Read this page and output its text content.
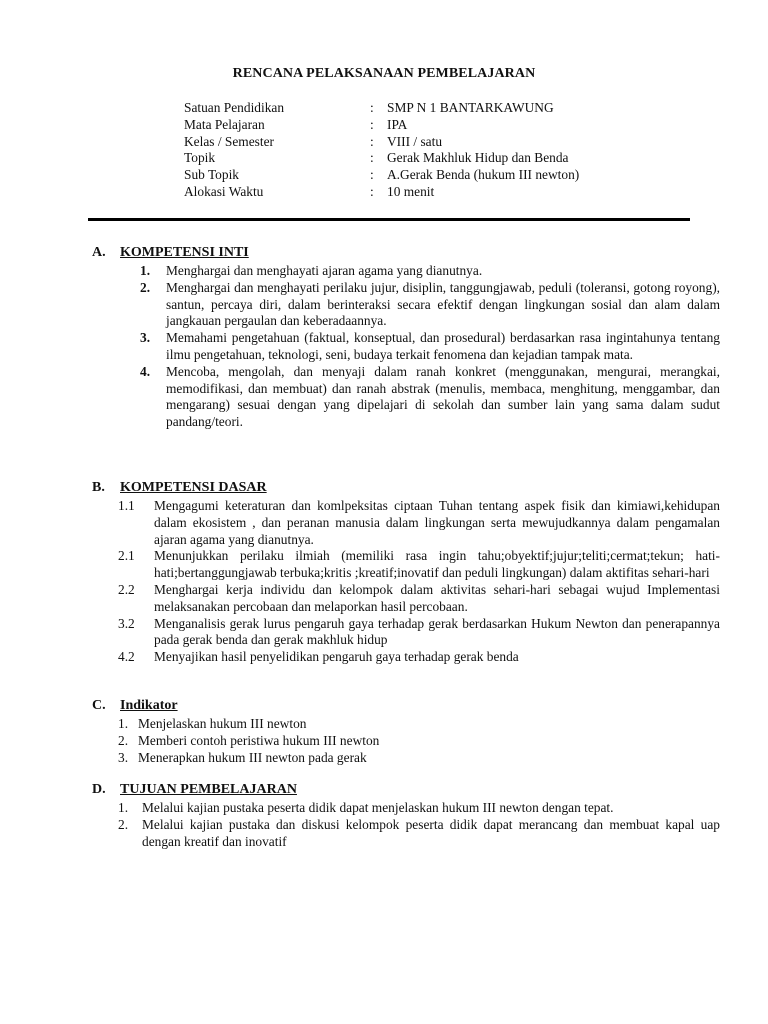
RENCANA PELAKSANAAN PEMBELAJARAN
Satuan Pendidikan	: SMP N 1 BANTARKAWUNG
Mata Pelajaran	: IPA
Kelas / Semester	: VIII / satu
Topik	: Gerak Makhluk Hidup dan Benda
Sub Topik	: A.Gerak Benda (hukum III newton)
Alokasi Waktu	: 10 menit
A. KOMPETENSI INTI
1. Menghargai dan menghayati ajaran agama yang dianutnya.
2. Menghargai dan menghayati perilaku jujur, disiplin, tanggungjawab, peduli (toleransi, gotong royong), santun, percaya diri, dalam berinteraksi secara efektif dengan lingkungan sosial dan alam dalam jangkauan pergaulan dan keberadaannya.
3. Memahami pengetahuan (faktual, konseptual, dan prosedural) berdasarkan rasa ingintahunya tentang ilmu pengetahuan, teknologi, seni, budaya terkait fenomena dan kejadian tampak mata.
4. Mencoba, mengolah, dan menyaji dalam ranah konkret (menggunakan, mengurai, merangkai, memodifikasi, dan membuat) dan ranah abstrak (menulis, membaca, menghitung, menggambar, dan mengarang) sesuai dengan yang dipelajari di sekolah dan sumber lain yang sama dalam sudut pandang/teori.
B. KOMPETENSI DASAR
1.1 Mengagumi keteraturan dan komlpeksitas ciptaan Tuhan tentang aspek fisik dan kimiawi,kehidupan dalam ekosistem , dan peranan manusia dalam lingkungan serta mewujudkannya dalam pengamalan ajaran agama yang dianutnya.
2.1 Menunjukkan perilaku ilmiah (memiliki rasa ingin tahu;obyektif;jujur;teliti;cermat;tekun; hati-hati;bertanggungjawab terbuka;kritis ;kreatif;inovatif dan peduli lingkungan) dalam aktifitas sehari-hari
2.2 Menghargai kerja individu dan kelompok dalam aktivitas sehari-hari sebagai wujud Implementasi melaksanakan percobaan dan melaporkan hasil percobaan.
3.2 Menganalisis gerak lurus pengaruh gaya terhadap gerak berdasarkan Hukum Newton dan penerapannya pada gerak benda dan gerak makhluk hidup
4.2 Menyajikan hasil penyelidikan pengaruh gaya terhadap gerak benda
C. Indikator
1. Menjelaskan hukum III newton
2. Memberi contoh peristiwa hukum III newton
3. Menerapkan hukum III newton pada gerak
D. TUJUAN PEMBELAJARAN
1. Melalui kajian pustaka peserta didik dapat menjelaskan hukum III newton dengan tepat.
2. Melalui kajian pustaka dan diskusi kelompok peserta didik dapat merancang dan membuat kapal uap dengan kreatif dan inovatif
